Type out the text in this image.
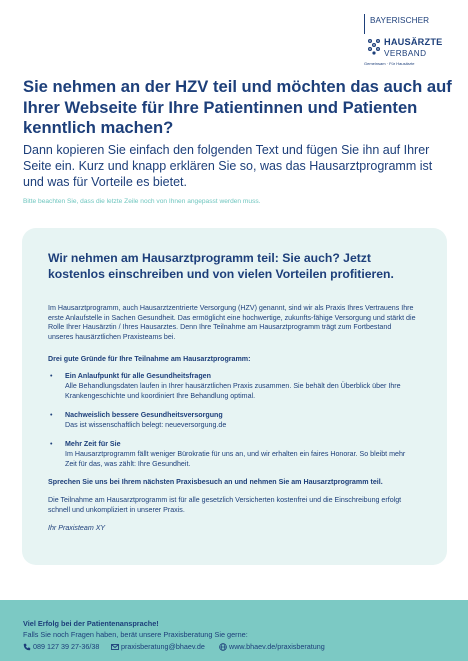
BAYERISCHER
HAUSÄRZTE
VERBAND
Gemeinsam · Für Hausärzte
Sie nehmen an der HZV teil und möchten das auch auf Ihrer Webseite für Ihre Patientinnen und Patienten kenntlich machen?

Dann kopieren Sie einfach den folgenden Text und fügen Sie ihn auf Ihrer Seite ein. Kurz und knapp erklären Sie so, was das Hausarztprogramm ist und was für Vorteile es bietet.

Bitte beachten Sie, dass die letzte Zeile noch von Ihnen angepasst werden muss.

Wir nehmen am Hausarztprogramm teil: Sie auch? Jetzt kostenlos einschreiben und von vielen Vorteilen profitieren.

Im Hausarztprogramm, auch Hausarztzentrierte Versorgung (HZV) genannt, sind wir als Praxis Ihres Vertrauens Ihre erste Anlaufstelle in Sachen Gesundheit. Das ermöglicht eine hochwertige, zukunfts-fähige Versorgung und stärkt die Rolle Ihrer Hausärztin / Ihres Hausarztes. Denn Ihre Teilnahme am Hausarztprogramm trägt zum Fortbestand unseres hausärztlichen Praxisteams bei.

Drei gute Gründe für Ihre Teilnahme am Hausarztprogramm:

•	Ein Anlaufpunkt für alle Gesundheitsfragen
Alle Behandlungsdaten laufen in Ihrer hausärztlichen Praxis zusammen. Sie behält den Überblick über Ihre Krankengeschichte und koordiniert Ihre Behandlung optimal.
•	Nachweislich bessere Gesundheitsversorgung
Das ist wissenschaftlich belegt: neueversorgung.de
•	Mehr Zeit für Sie
Im Hausarztprogramm fällt weniger Bürokratie für uns an, und wir erhalten ein faires Honorar. So bleibt mehr Zeit für das, was zählt: Ihre Gesundheit.

Sprechen Sie uns bei Ihrem nächsten Praxisbesuch an und nehmen Sie am Hausarztprogramm teil.

Die Teilnahme am Hausarztprogramm ist für alle gesetzlich Versicherten kostenfrei und die Einschreibung erfolgt schnell und unkompliziert in unserer Praxis.

Ihr Praxisteam XY

Viel Erfolg bei der Patientenansprache!

Falls Sie noch Fragen haben, berät unsere Praxisberatung Sie gerne:

089 127 39 27-36/38	praxisberatung@bhaev.de	www.bhaev.de/praxisberatung
